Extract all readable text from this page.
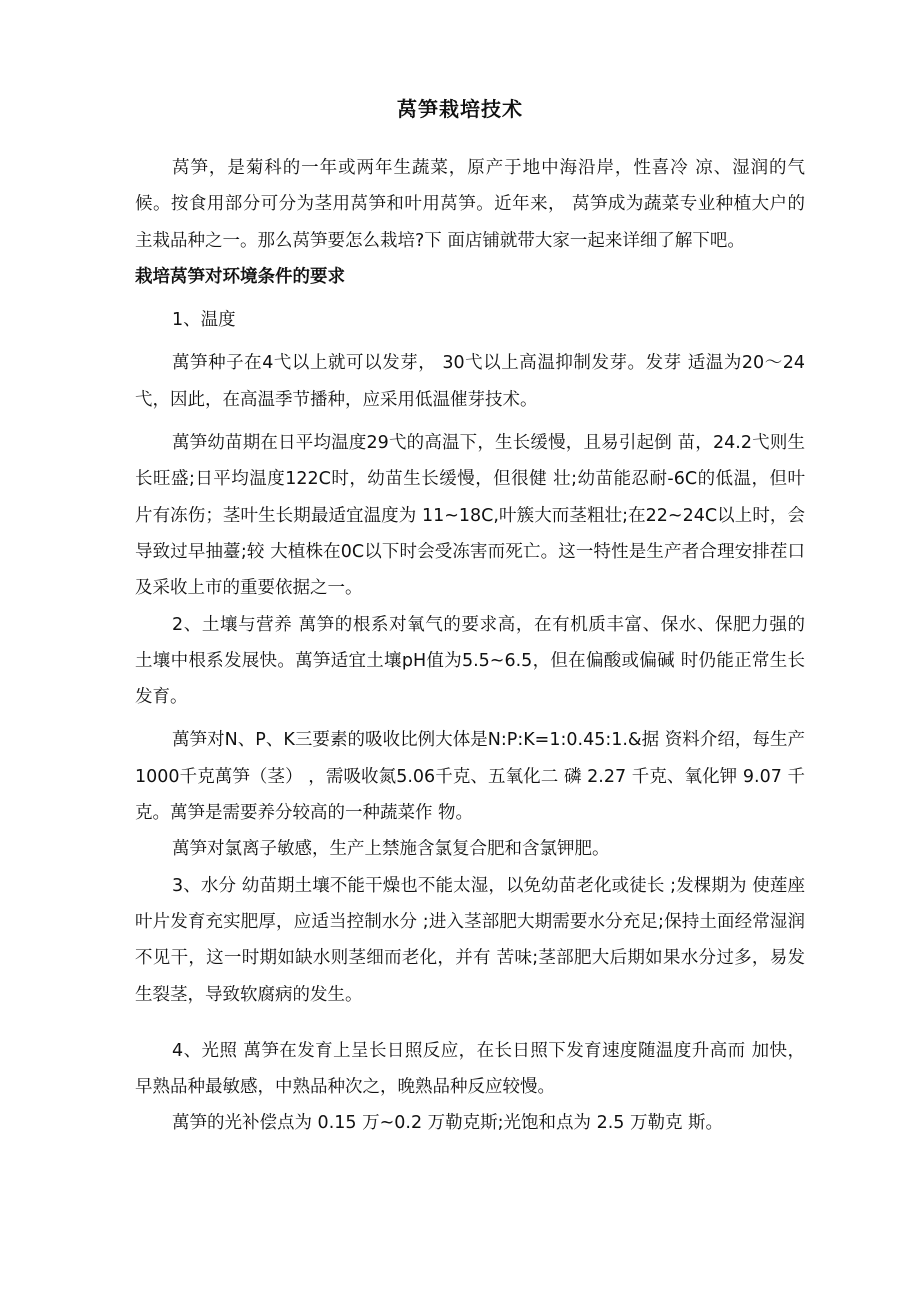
莴笋栽培技术

莴笋，是菊科的一年或两年生蔬菜，原产于地中海沿岸，性喜冷 凉、湿润的气候。按食用部分可分为茎用莴笋和叶用莴笋。近年来， 莴笋成为蔬菜专业种植大户的主栽品种之一。那么莴笋要怎么栽培?下 面店铺就带大家一起来详细了解下吧。

栽培莴笋对环境条件的要求

1、温度

萬笋种子在4弋以上就可以发芽， 30弋以上高温抑制发芽。发芽 适温为20〜24弋，因此，在高温季节播种，应采用低温催芽技术。

萬笋幼苗期在日平均温度29弋的高温下，生长缓慢，且易引起倒 苗，24.2弋则生长旺盛;日平均温度122C时，幼苗生长缓慢，但很健 壮;幼苗能忍耐-6C的低温，但叶片有冻伤；茎叶生长期最适宜温度为 11~18C,叶簇大而茎粗壮;在22~24C以上时，会导致过早抽薹;较 大植株在0C以下时会受冻害而死亡。这一特性是生产者合理安排茬口 及采收上市的重要依据之一。

2、土壤与营养 萬笋的根系对氧气的要求高，在有机质丰富、保水、保肥力强的 土壤中根系发展快。萬笋适宜土壤pH值为5.5~6.5，但在偏酸或偏碱 时仍能正常生长发育。

萬笋对N、P、K三要素的吸收比例大体是N:P:K=1:0.45:1.&据 资料介绍，每生产1000千克萬笋（茎） ，需吸收氮5.06千克、五氧化二 磷 2.27 千克、氧化钾 9.07 千克。萬笋是需要养分较高的一种蔬菜作 物。

萬笋对氯离子敏感，生产上禁施含氯复合肥和含氯钾肥。

3、水分 幼苗期土壤不能干燥也不能太湿，以免幼苗老化或徒长 ;发棵期为 使莲座叶片发育充实肥厚，应适当控制水分 ;进入茎部肥大期需要水分充足;保持土面经常湿润不见干，这一时期如缺水则茎细而老化，并有 苦味;茎部肥大后期如果水分过多，易发生裂茎，导致软腐病的发生。

4、光照 萬笋在发育上呈长日照反应，在长日照下发育速度随温度升高而 加快，早熟品种最敏感，中熟品种次之，晚熟品种反应较慢。

萬笋的光补偿点为 0.15 万~0.2 万勒克斯;光饱和点为 2.5 万勒克 斯。
